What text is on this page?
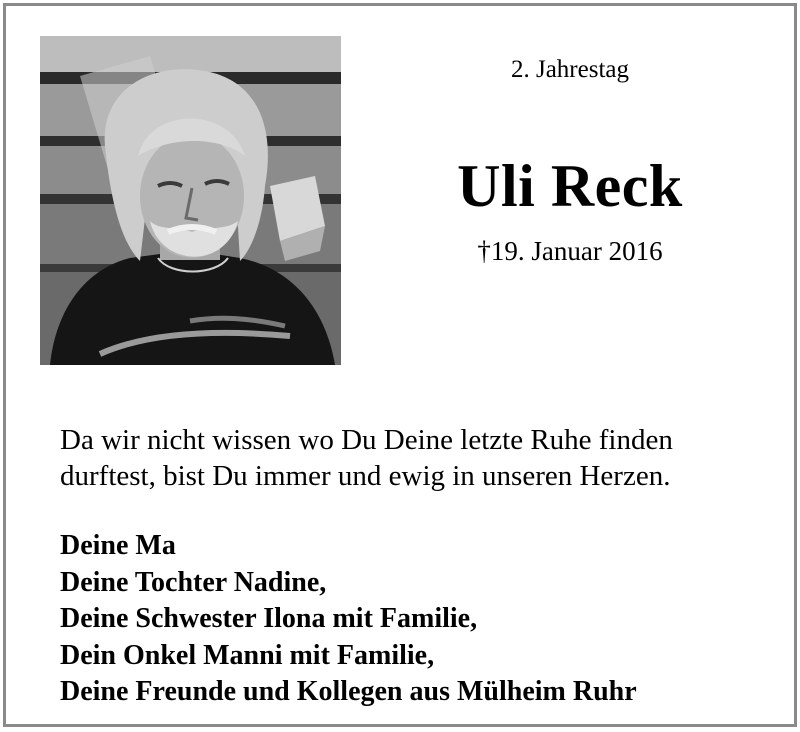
2. Jahrestag
Uli Reck
†19. Januar 2016
Da wir nicht wissen wo Du Deine letzte Ruhe finden
durftest, bist Du immer und ewig in unseren Herzen.
Deine Ma
Deine Tochter Nadine,
Deine Schwester Ilona mit Familie,
Dein Onkel Manni mit Familie,
Deine Freunde und Kollegen aus Mülheim Ruhr
